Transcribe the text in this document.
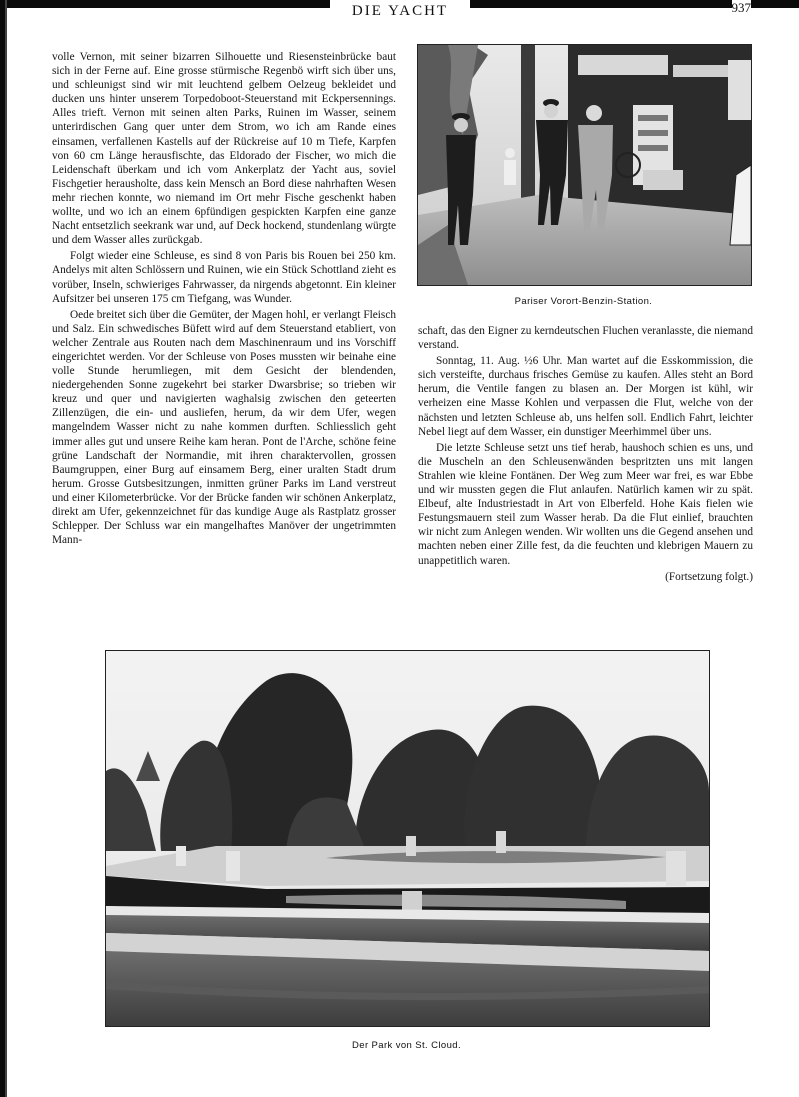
DIE YACHT	937

volle Vernon, mit seiner bizarren Silhouette und Riesensteinbrücke baut sich in der Ferne auf. Eine grosse stürmische Regenbö wirft sich über uns, und schleunigst sind wir mit leuchtend gelbem Oelzeug bekleidet und ducken uns hinter unserem Torpedoboot-Steuerstand mit Eckpersennings. Alles trieft. Vernon mit seinen alten Parks, Ruinen im Wasser, seinem unterirdischen Gang quer unter dem Strom, wo ich am Rande eines einsamen, verfallenen Kastells auf der Rückreise auf 10 m Tiefe, Karpfen von 60 cm Länge herausfischte, das Eldorado der Fischer, wo mich die Leidenschaft überkam und ich vom Ankerplatz der Yacht aus, soviel Fischgetier herausholte, dass kein Mensch an Bord diese nahrhaften Wesen mehr riechen konnte, wo niemand im Ort mehr Fische geschenkt haben wollte, und wo ich an einem 6pfündigen gespickten Karpfen eine ganze Nacht entsetzlich seekrank war und, auf Deck hockend, stundenlang würgte und dem Wasser alles zurückgab.

Folgt wieder eine Schleuse, es sind 8 von Paris bis Rouen bei 250 km. Andelys mit alten Schlössern und Ruinen, wie ein Stück Schottland zieht es vorüber, Inseln, schwieriges Fahrwasser, da nirgends abgetonnt. Ein kleiner Aufsitzer bei unseren 175 cm Tiefgang, was Wunder.

Oede breitet sich über die Gemüter, der Magen hohl, er verlangt Fleisch und Salz. Ein schwedisches Büfett wird auf dem Steuerstand etabliert, von welcher Zentrale aus Routen nach dem Maschinenraum und ins Vorschiff eingerichtet werden. Vor der Schleuse von Poses mussten wir beinahe eine volle Stunde herumliegen, mit dem Gesicht der blendenden, niedergehenden Sonne zugekehrt bei starker Dwarsbrise; so trieben wir kreuz und quer und navigierten waghalsig zwischen den geteerten Zillenzügen, die ein- und ausliefen, herum, da wir dem Ufer, wegen mangelndem Wasser nicht zu nahe kommen durften. Schliesslich geht immer alles gut und unsere Reihe kam heran. Pont de l'Arche, schöne feine grüne Landschaft der Normandie, mit ihren charaktervollen, grossen Baumgruppen, einer Burg auf einsamem Berg, einer uralten Stadt drum herum. Grosse Gutsbesitzungen, inmitten grüner Parks im Land verstreut und einer Kilometerbrücke. Vor der Brücke fanden wir schönen Ankerplatz, direkt am Ufer, gekennzeichnet für das kundige Auge als Rastplatz grosser Schlepper. Der Schluss war ein mangelhaftes Manöver der ungetrimmten Mann-

Pariser Vorort-Benzin-Station.

schaft, das den Eigner zu kerndeutschen Fluchen veranlasste, die niemand verstand.

Sonntag, 11. Aug. ½6 Uhr. Man wartet auf die Esskommission, die sich versteifte, durchaus frisches Gemüse zu kaufen. Alles steht an Bord herum, die Ventile fangen zu blasen an. Der Morgen ist kühl, wir verheizen eine Masse Kohlen und verpassen die Flut, welche von der nächsten und letzten Schleuse ab, uns helfen soll. Endlich Fahrt, leichter Nebel liegt auf dem Wasser, ein dunstiger Meerhimmel über uns.

Die letzte Schleuse setzt uns tief herab, haushoch schien es uns, und die Muscheln an den Schleusenwänden bespritzten uns mit langen Strahlen wie kleine Fontänen. Der Weg zum Meer war frei, es war Ebbe und wir mussten gegen die Flut anlaufen. Natürlich kamen wir zu spät. Elbeuf, alte Industriestadt in Art von Elberfeld. Hohe Kais fielen wie Festungsmauern steil zum Wasser herab. Da die Flut einlief, brauchten wir nicht zum Anlegen wenden. Wir wollten uns die Gegend ansehen und machten neben einer Zille fest, da die feuchten und klebrigen Mauern zu unappetitlich waren.

(Fortsetzung folgt.)

Der Park von St. Cloud.
